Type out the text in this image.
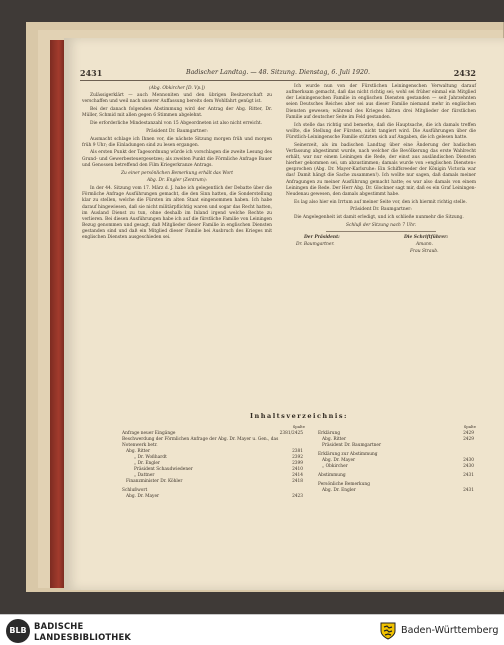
2431	Badischer Landtag. — 48. Sitzung. Dienstag, 6. Juli 1920.	2432

(Abg. Obkircher [D. Vp.])

Zulässigerklärt — auch Mennoniten und den übrigen Besitzerschaft zu verschaffen und weil nach unserer Auffassung bereits dem Wohlfahrt genügt ist.

Bei der danach folgenden Abstimmung wird der Antrag der Abg. Ritter, Dr. Müller, Schmid mit allen gegen 6 Stimmen abgelehnt.

Die erforderliche Mindestanzahl von 15 Abgeordneten ist also nicht erreicht.

Präsident Dr. Baumgartner:

Ausmacht schlage ich Ihnen vor, die nächste Sitzung morgen früh und morgen früh 9 Uhr; die Einladungen sind zu lesen ergangen.

Als ersten Punkt der Tagesordnung würde ich vorschlagen die zweite Lesung des Grund- und Gewerbesteuergesetzes; als zweiten Punkt die Förmliche Anfrage Bauer und Genossen betreffend den Film Kriegerkranze Antrags.

Zu einer persönlichen Bemerkung erhält das Wort

Abg. Dr. Engler (Zentrum):

In der 44. Sitzung vom 17. März d. J. habe ich gelegentlich der Debatte über die Förmliche Anfrage Ausführungen gemacht, die den Sinn hatten, die Sonderstellung klar zu stellen, welche die Fürsten im alten Staat eingenommen haben. Ich habe darauf hingewiesen, daß sie nicht militärpflichtig waren und sogar das Recht hatten, im Ausland Dienst zu tun, ohne deshalb im Inland irgend welche Rechte zu verlieren. Bei diesen Ausführungen habe ich auf die fürstliche Familie von Leiningen Bezug genommen und gesagt, daß Mitglieder dieser Familie in englischen Diensten gestanden sind und daß ein Mitglied dieser Familie bei Ausbruch des Krieges mit englischen Diensten ausgeschieden sei.

Ich wurde nun von der Fürstlichen Leiningenschen Verwaltung darauf aufmerksam gemacht, daß das nicht richtig sei; wohl sei früher einmal ein Mitglied der Leiningenschen Familie in englischen Diensten gestanden — seit Jahrzehnten seien Deutsches Reiches aber sei aus dieser Familie niemand mehr in englischen Diensten gewesen; während des Krieges hätten drei Mitglieder der fürstlichen Familie auf deutscher Seite im Feld gestanden.

Ich stelle das richtig und bemerke, daß die Hauptsache, die ich damals treffen wollte, die Stellung der Fürsten, nicht tangiert wird. Die Ausführungen über die Fürstlich-Leiningensche Familie stützten sich auf Angaben, die ich gelesen hatte.

Seinerzeit, als im badischen Landtag über eine Änderung der badischen Verfassung abgestimmt wurde, nach welcher die Bevölkerung das erste Wahlrecht erhält, war nur einem Leiningen die Rede, der einst aus ausländischen Diensten hierher gekommen sei, um abzustimmen; damals wurde von »englischen Diensten« gesprochen (Abg. Dr. Mayer-Karlsruhe: Ein Schiffsreeder der Königin Victoria war das! Damit hängt die Sache zusammen!). Ich wollte nur sagen, daß damals meiner Anfragungen zu meiner Ausführung gemacht hatte; es war also damals von einem Leiningen die Rede. Der Herr Abg. Dr. Glockner sagt mir, daß es ein Graf Leiningen-Neudenau gewesen, den damals abgestimmt habe.

Es lag also hier ein Irrtum auf meiner Seite vor, den ich hiermit richtig stelle.

Präsident Dr. Baumgartner:

Die Angelegenheit ist damit erledigt, und ich schließe nunmehr die Sitzung.

Schluß der Sitzung nach 7 Uhr.

Der Präsident:
Dr. Baumgartner.
Die Schriftführer:
Amann.
Frau Straub.
Inhaltsverzeichnis:
Spalte
Anfrage neuer Eingänge	2381/2425
Beschwerdung der Förmlichen Anfrage der Abg. Dr. Mayer u. Gen., das Notenwerk betr.
Abg. Ritter	2381
„ Dr. Woßhardt	2392
„ Dr. Engler	2399
Präsident Schaudwiedener	2410
„ Dattner	2414
Finanzminister Dr. Köhler	2418
Schlußwort
Abg. Dr. Mayer	2423
Spalte
Erklärung	2429
Abg. Ritter	2429
Präsident Dr. Baumgartner
Erklärung zur Abstimmung
Abg. Dr. Mayer	2430
„ Obkircher	2430
Abstimmung	2431
Persönliche Bemerkung
Abg. Dr. Engler	2431
BLB BADISCHE
LANDESBIBLIOTHEK
Baden-Württemberg
